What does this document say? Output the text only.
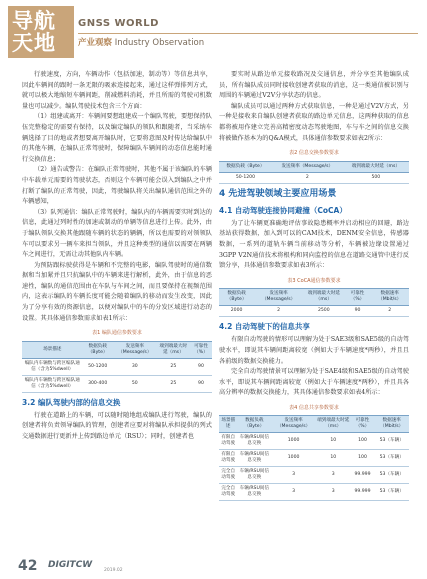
导航
天地
GNSS WORLD
产业观察 Industry Observation

行驶速度，方向，车辆动作（包括加速，制动等）等信息共享，因此车辆间的跟时一条无限的吸索连接起来，通过这样弹排列方式，就可以极大地缩短车辆间距，削减燃料消耗，并且所需的驾驶司机数量也可以减少。编队驾驶技术包含三个方面：

（1）组建或离开：车辆间要想组建成一个编队驾驶，要想保持队伍完整稳定的需要有保持，以及编定编队的领队和跟随者，当采纳车辆选择了目的地或者想要离开编队时，它要将意图及时传达给编队中的其他车辆，在编队正常驾驶时，保障编队车辆间的动态信息能时通行交换信息；

（2）通告或警告：在编队正常驾驶时，其他不属于该编队的车辆中车载单元需要的驾驶状态，否则这个车辆可能会误入到编队之中并打断了编队的正常驾驶，因此，驾驶编队将关出编队通信范围之外的车辆感知，

（3）队列通信：编队正常驾驶时，编队内的车辆需要实时到达的信息，此通过列时性的加速或制动的单辆等信息进行上传。此外，由于编队领队交换其他跟随车辆的状态的辆辆，所以也需要的对领领队车可以要求另一辆车来担当领队，并且这种类型的通信以需要在两辆车之间进行，无需让动其他队内车辆。

为预防跟标驶获得是车辆和不完整的电影，编队驾驶时的通信数据和当加紧并且只抗编队中的车辆来进行解析，此外，由于信息的恶速性，编队的通信范围由在车队与车间之间，而且要保持在视频范围内，这表示编队的车辆长度可能会随着编队的移动而发生改变，因此为了分享有效的资源信息，以便对编队中的车的分发区域进行动态的设置。其具体通信参数需求如表1所示：

表1 编队通信参数要求
场景描述	数据负载（Byte）	发送频率（Message/s）	端到端最大时延（ms）	可靠性（%）
编队内车辆数与跨区编队通信（含为5%dwell）	50-1200	30	25	90
编队内车辆数与跨区编队通信（含为5%dwell）	300-400	50	25	90
3.2 编队驾驶内部的信息交换

行驶在道路上的车辆，可以随时随地组成编队进行驾驶，编队的创建者将负责领导编队的管理，创建者应要对将编队承担提供的列式交通数据进行更新并上传到路边单元（RSU）；同时，创建者也

要实时从路边单元接收路况及交通信息，并分享至其他编队成员，所有编队成员同时接收创建者获取的消息，这一类通信被识别与周围的车辆通过V2V分享状态的信息。

编队成员可以通过两种方式获取信息，一种是通过V2V方式，另一种是接收来自编队创建者获取的路边单元信息，这两种获取的信息都将被用作建立完善高精密度动态驾驶地图，车与车之间的信息交换将被做作基本为的Q&A模式，具体通信参数要求如表2所示：

表2 信息交换参数要求
数据负载（Byte）	发送频率（Message/s）	端到端最大时延（ms）
50-1200	2	500
4 先进驾驶领域主要应用场景
4.1 自动驾驶连接协同避撞（CoCA）

为了让车辆更准确地评估事故隐患概率并启动相应的回避，路边基站获得数据，加入到可以的CAM技术，DENM安全信息，传感器数据，一系列的道轨车辆当前移动等分析，车辆被边缘设置通过3GPP V2N通信技术将根构和同向监控的信息在道路交通管中进行反馈分享，具体通信参数要求如表3所示：

表3 CoCA通信参数要求
数据负载（Byte）	发送频率（Message/s）	端到端最大时延（ms）	可靠性（%）	数据速率（Mbit/s）
2000	2	2500	90	2
4.2 自动驾驶下的信息共享

有限自动驾驶的情形可以理解为处于SAE3级和SAE5级的自动驾驶水平，即说其车辆间距离较宽（例如大于车辆速度*两秒），并且且各前级的数据交换能力。

完全自动驾驶情景可以理解为处于SAE4级和SAE5级的自动驾驶水平，即说其车辆间距离较宽（例如大于车辆速度*两秒），并且具各高分辨率的数据交换能力，其具体通信参数要求如表4所示：

表4 信息共享参数要求
场景描述	数据负载（Byte）	发送频率（Message/s）	端到端最大时延（ms）	可靠性（%）	数据速率（Mbit/s）
有限自动驾驶	车辆/RSU间信息交换	1000	10	100	53（车辆）
有限自动驾驶	车辆/RSU间信息交换	1000	10	100	53（车辆）
完全自动驾驶	车辆/RSU间信息交换	3	3	99.999	53（车辆）
完全自动驾驶	车辆/RSU间信息交换	3	3	99.999	53（车辆）
42 DIGITCW
2019.02
